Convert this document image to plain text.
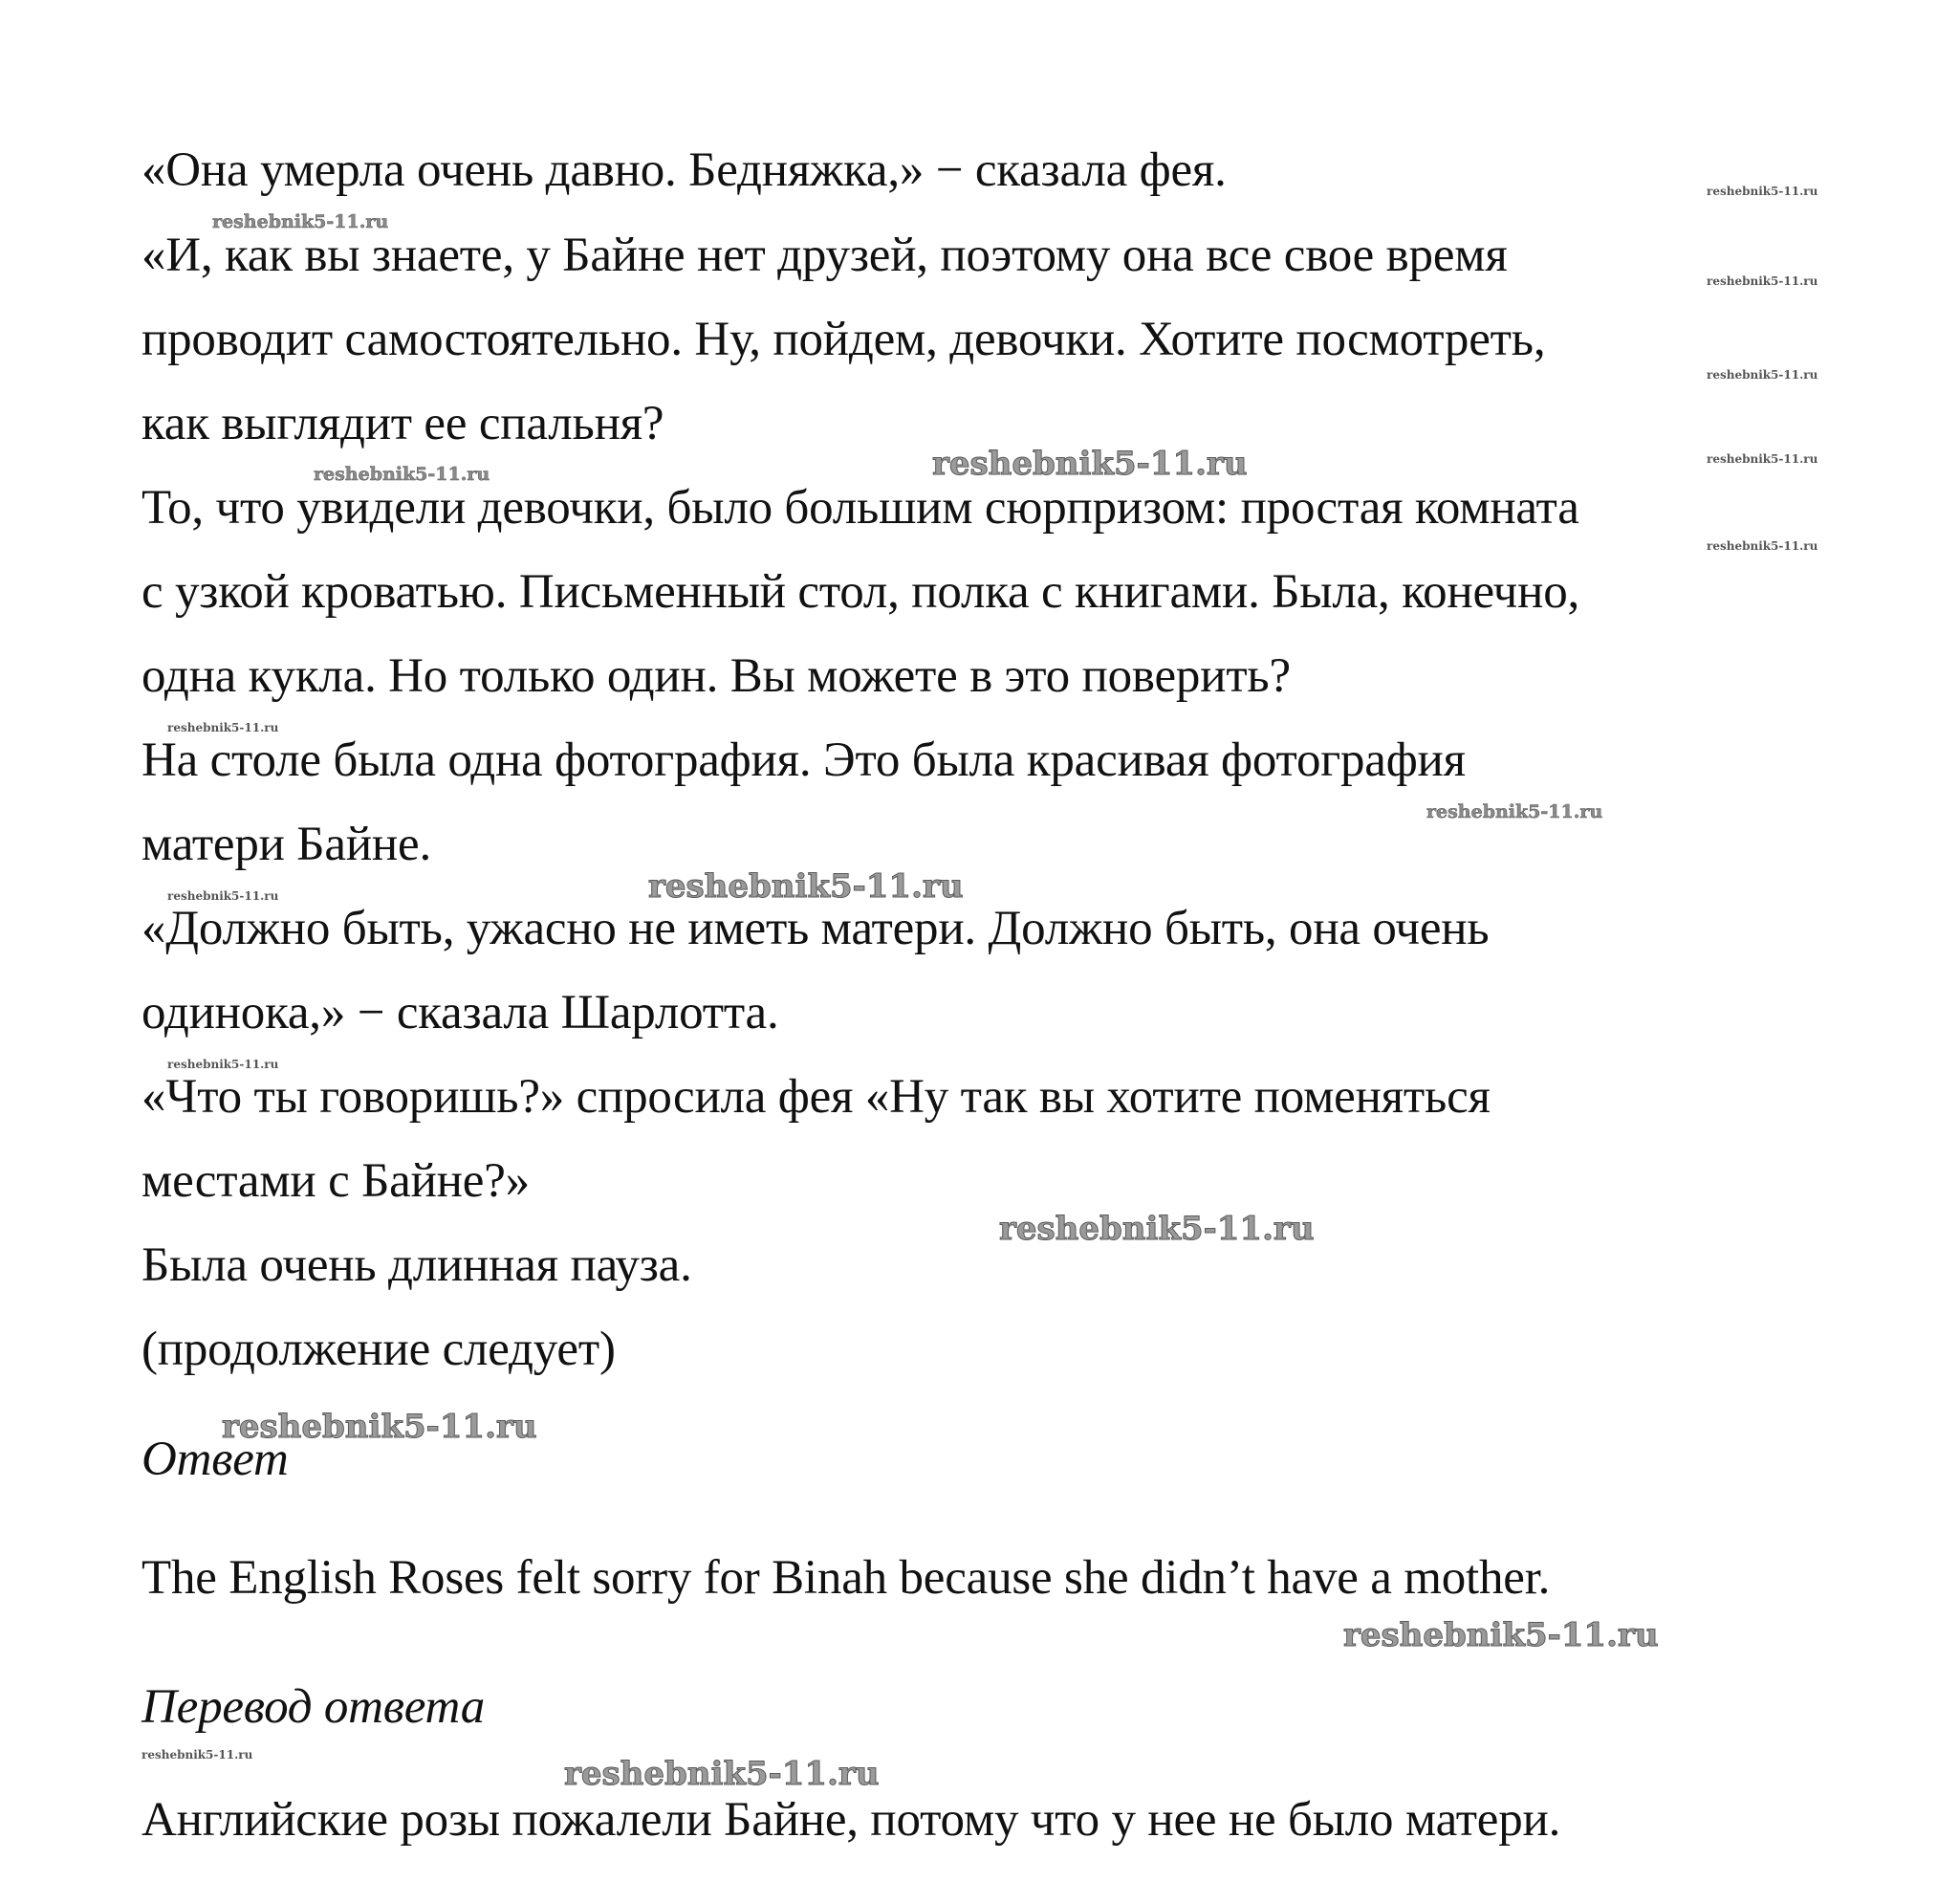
«Она умерла очень давно. Бедняжка,» − сказала фея.
«И, как вы знаете, у Байне нет друзей, поэтому она все свое время
проводит самостоятельно. Ну, пойдем, девочки. Хотите посмотреть,
как выглядит ее спальня?
То, что увидели девочки, было большим сюрпризом: простая комната
с узкой кроватью. Письменный стол, полка с книгами. Была, конечно,
одна кукла. Но только один. Вы можете в это поверить?
На столе была одна фотография. Это была красивая фотография
матери Байне.
«Должно быть, ужасно не иметь матери. Должно быть, она очень
одинока,» − сказала Шарлотта.
«Что ты говоришь?» спросила фея «Ну так вы хотите поменяться
местами с Байне?»
Была очень длинная пауза.
(продолжение следует)
Ответ
The English Roses felt sorry for Binah because she didn’t have a mother.
Перевод ответа
Английские розы пожалели Байне, потому что у нее не было матери.
reshebnik5-11.ru
reshebnik5-11.ru
reshebnik5-11.ru
reshebnik5-11.ru
reshebnik5-11.ru
reshebnik5-11.ru
reshebnik5-11.ru
reshebnik5-11.ru
reshebnik5-11.ru
reshebnik5-11.ru
reshebnik5-11.ru	reshebnik5-11.ru
reshebnik5-11.ru
reshebnik5-11.ru
reshebnik5-11.ru
reshebnik5-11.ru
reshebnik5-11.ru	reshebnik5-11.ru
